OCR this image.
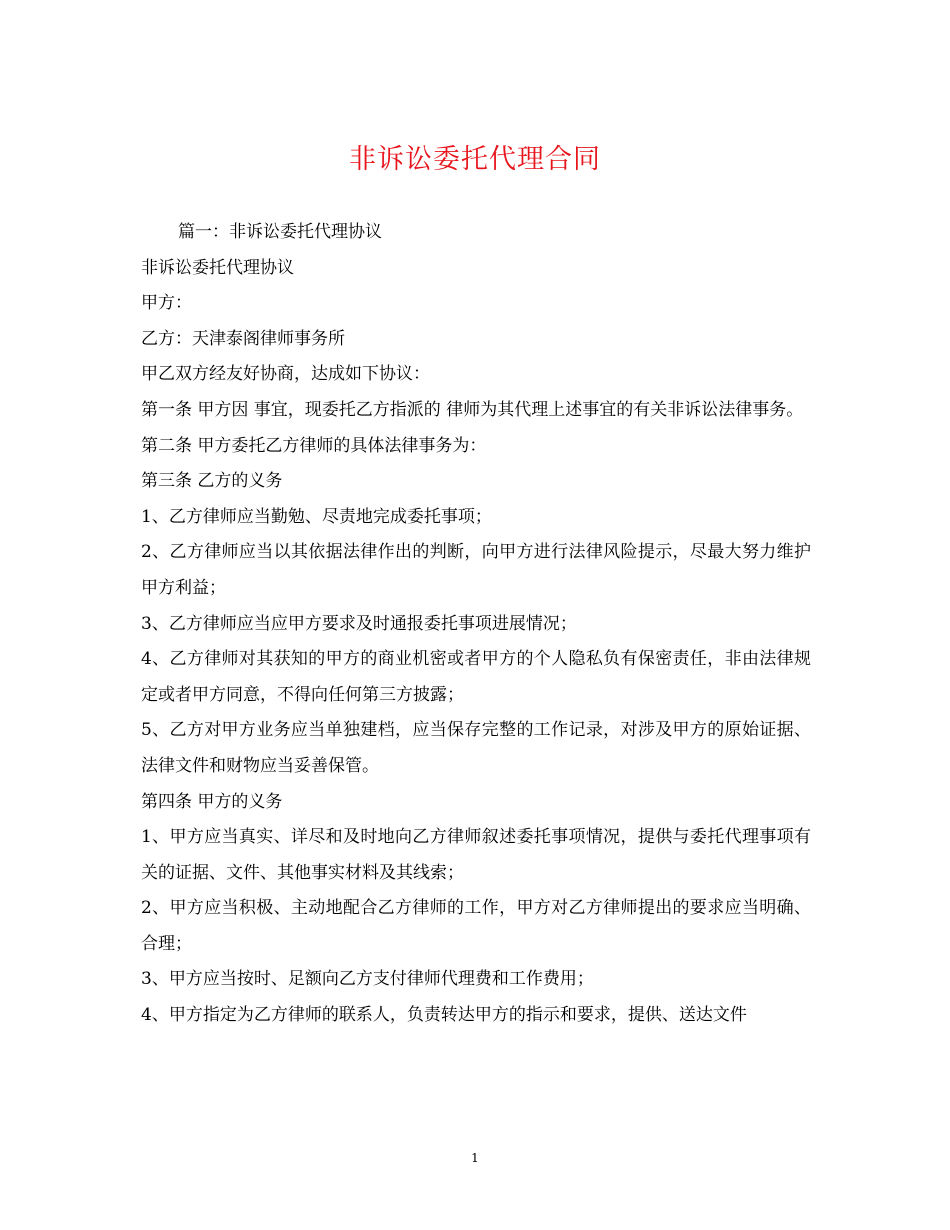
非诉讼委托代理合同

篇一：非诉讼委托代理协议

非诉讼委托代理协议

甲方：

乙方：天津泰阁律师事务所

甲乙双方经友好协商，达成如下协议：

第一条 甲方因 事宜，现委托乙方指派的 律师为其代理上述事宜的有关非诉讼法律事务。

第二条 甲方委托乙方律师的具体法律事务为：

第三条 乙方的义务

1、乙方律师应当勤勉、尽责地完成委托事项；

2、乙方律师应当以其依据法律作出的判断，向甲方进行法律风险提示，尽最大努力维护甲方利益；

3、乙方律师应当应甲方要求及时通报委托事项进展情况；

4、乙方律师对其获知的甲方的商业机密或者甲方的个人隐私负有保密责任，非由法律规定或者甲方同意，不得向任何第三方披露；

5、乙方对甲方业务应当单独建档，应当保存完整的工作记录，对涉及甲方的原始证据、法律文件和财物应当妥善保管。

第四条 甲方的义务

1、甲方应当真实、详尽和及时地向乙方律师叙述委托事项情况，提供与委托代理事项有关的证据、文件、其他事实材料及其线索；

2、甲方应当积极、主动地配合乙方律师的工作，甲方对乙方律师提出的要求应当明确、合理；

3、甲方应当按时、足额向乙方支付律师代理费和工作费用；

4、甲方指定为乙方律师的联系人，负责转达甲方的指示和要求，提供、送达文件

1
